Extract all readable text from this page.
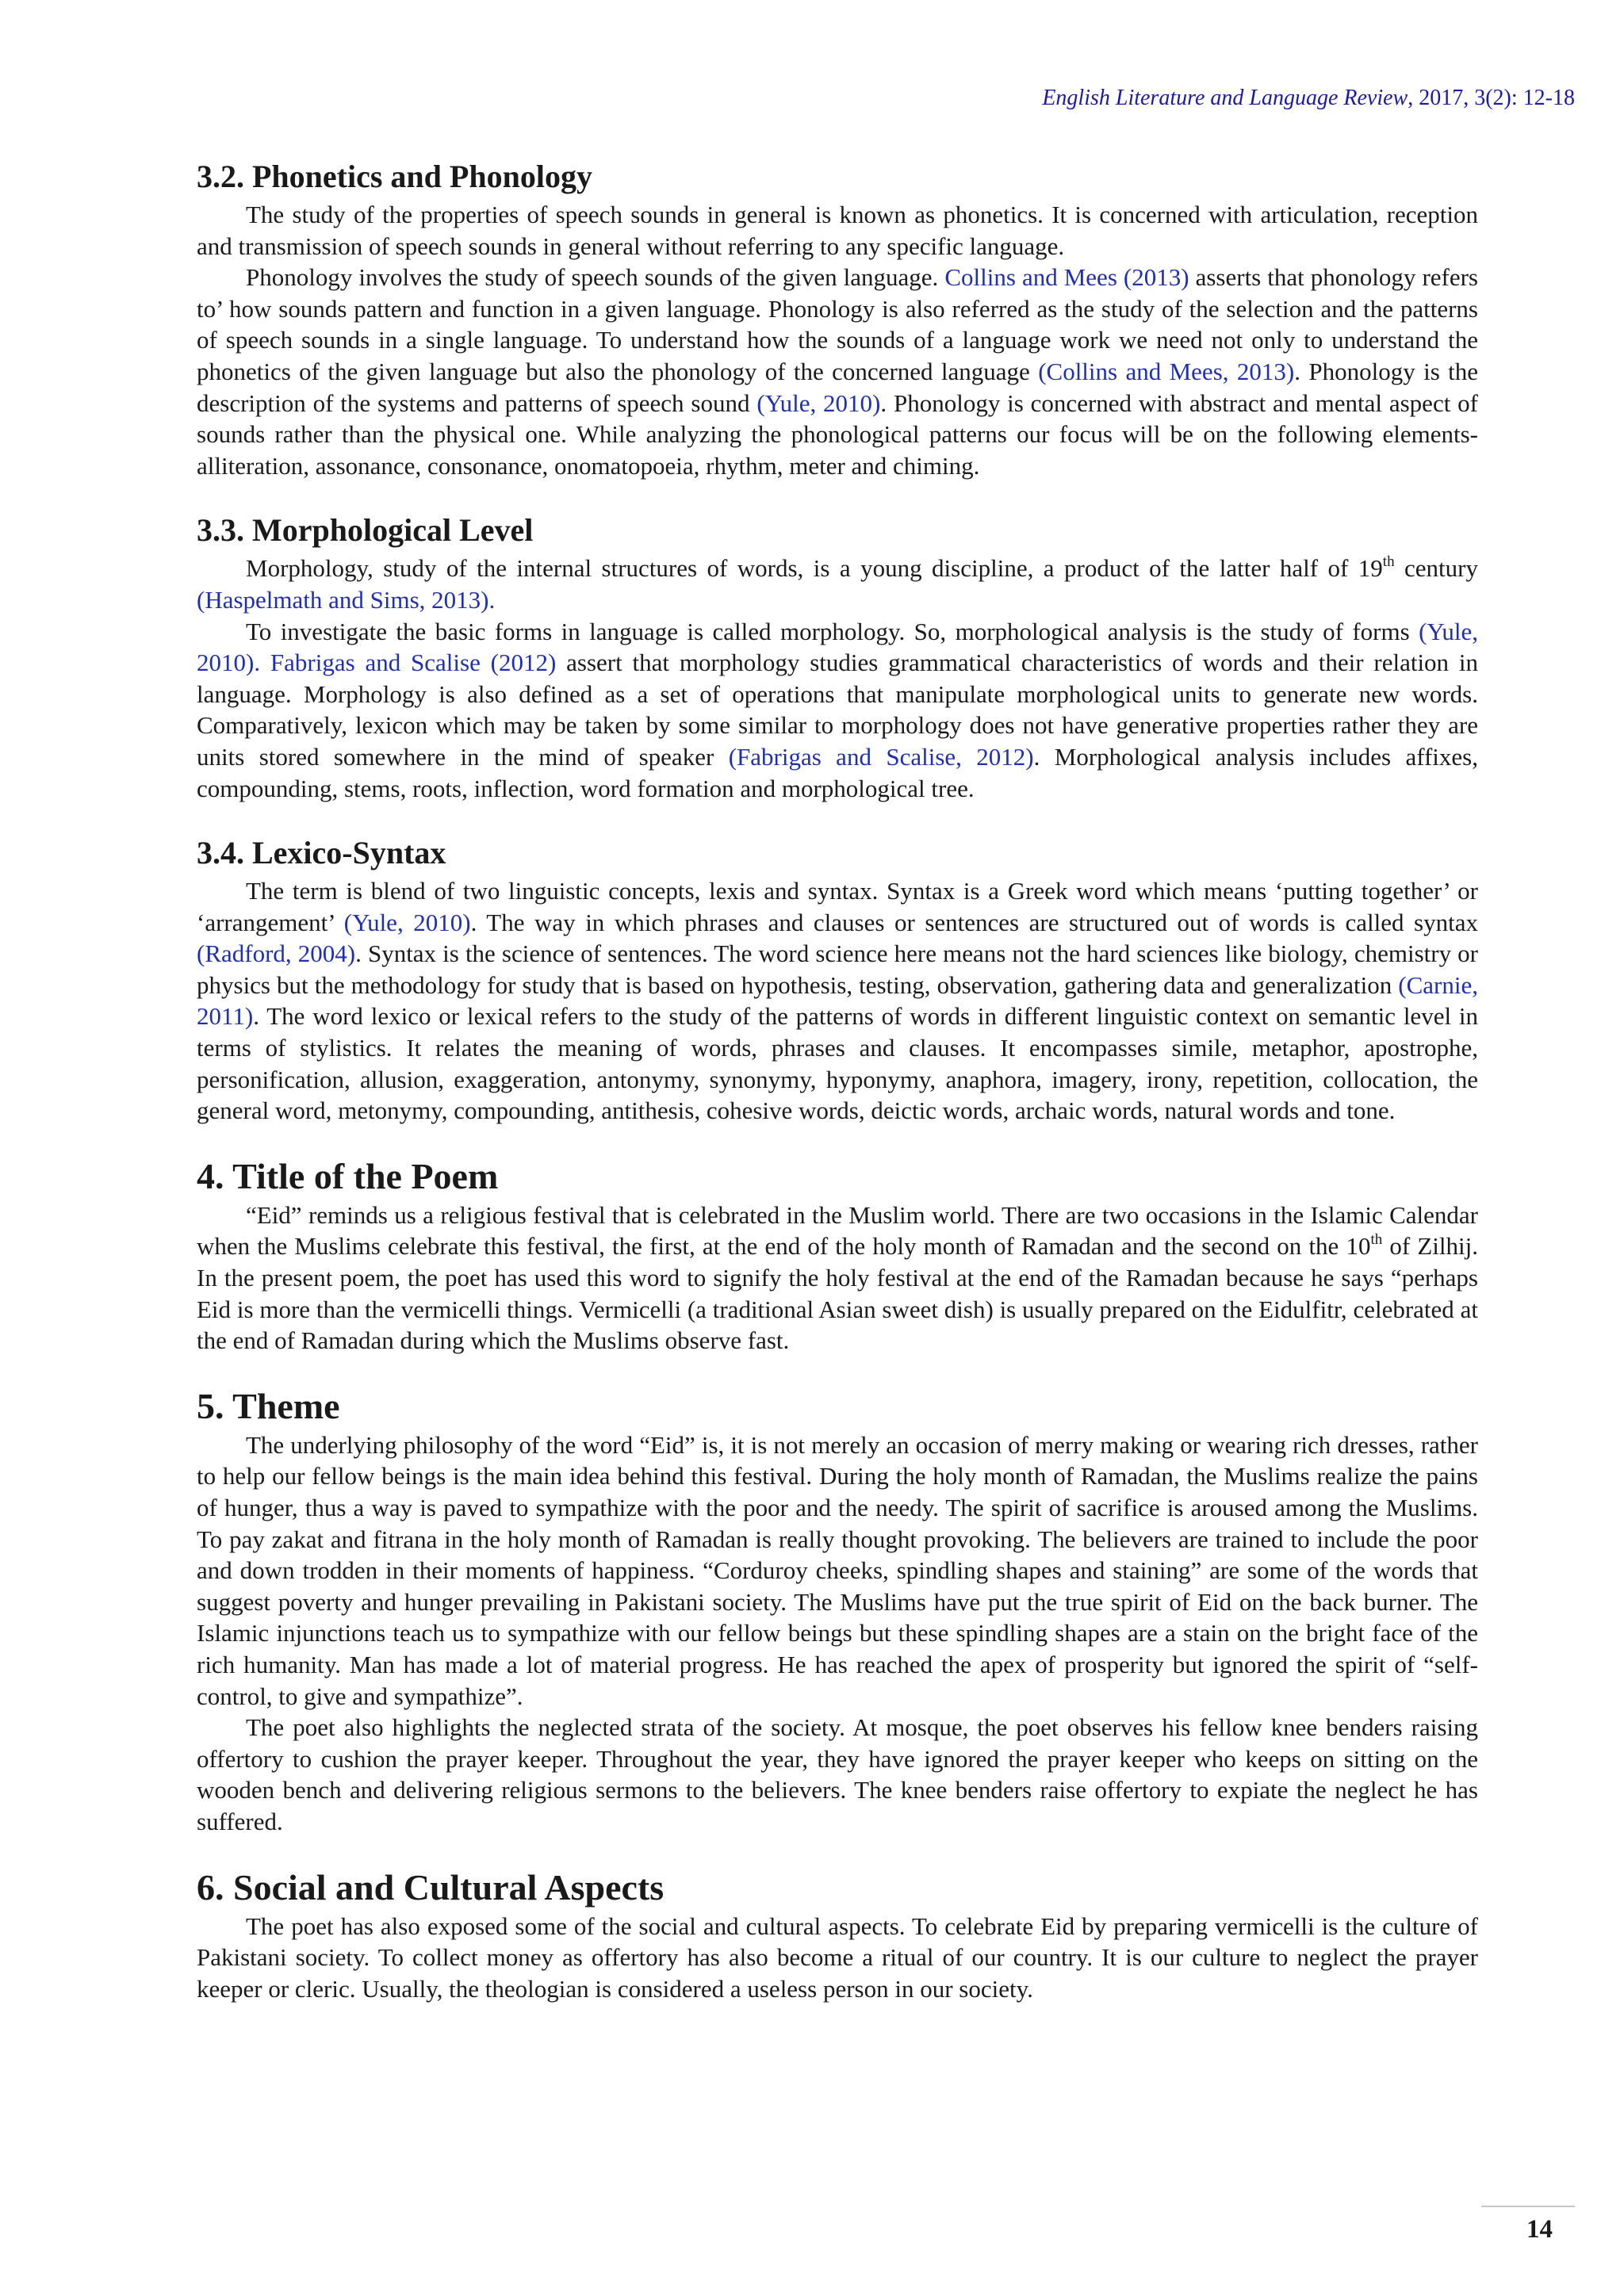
English Literature and Language Review, 2017, 3(2): 12-18
3.2. Phonetics and Phonology

The study of the properties of speech sounds in general is known as phonetics. It is concerned with articulation, reception and transmission of speech sounds in general without referring to any specific language.

Phonology involves the study of speech sounds of the given language. Collins and Mees (2013) asserts that phonology refers to’ how sounds pattern and function in a given language. Phonology is also referred as the study of the selection and the patterns of speech sounds in a single language. To understand how the sounds of a language work we need not only to understand the phonetics of the given language but also the phonology of the concerned language (Collins and Mees, 2013). Phonology is the description of the systems and patterns of speech sound (Yule, 2010). Phonology is concerned with abstract and mental aspect of sounds rather than the physical one. While analyzing the phonological patterns our focus will be on the following elements- alliteration, assonance, consonance, onomatopoeia, rhythm, meter and chiming.

3.3. Morphological Level

Morphology, study of the internal structures of words, is a young discipline, a product of the latter half of 19th century (Haspelmath and Sims, 2013).

To investigate the basic forms in language is called morphology. So, morphological analysis is the study of forms (Yule, 2010). Fabrigas and Scalise (2012) assert that morphology studies grammatical characteristics of words and their relation in language. Morphology is also defined as a set of operations that manipulate morphological units to generate new words. Comparatively, lexicon which may be taken by some similar to morphology does not have generative properties rather they are units stored somewhere in the mind of speaker (Fabrigas and Scalise, 2012). Morphological analysis includes affixes, compounding, stems, roots, inflection, word formation and morphological tree.

3.4. Lexico-Syntax

The term is blend of two linguistic concepts, lexis and syntax. Syntax is a Greek word which means ‘putting together’ or ‘arrangement’ (Yule, 2010). The way in which phrases and clauses or sentences are structured out of words is called syntax (Radford, 2004). Syntax is the science of sentences. The word science here means not the hard sciences like biology, chemistry or physics but the methodology for study that is based on hypothesis, testing, observation, gathering data and generalization (Carnie, 2011). The word lexico or lexical refers to the study of the patterns of words in different linguistic context on semantic level in terms of stylistics. It relates the meaning of words, phrases and clauses. It encompasses simile, metaphor, apostrophe, personification, allusion, exaggeration, antonymy, synonymy, hyponymy, anaphora, imagery, irony, repetition, collocation, the general word, metonymy, compounding, antithesis, cohesive words, deictic words, archaic words, natural words and tone.

4. Title of the Poem

“Eid” reminds us a religious festival that is celebrated in the Muslim world. There are two occasions in the Islamic Calendar when the Muslims celebrate this festival, the first, at the end of the holy month of Ramadan and the second on the 10th of Zilhij. In the present poem, the poet has used this word to signify the holy festival at the end of the Ramadan because he says “perhaps Eid is more than the vermicelli things. Vermicelli (a traditional Asian sweet dish) is usually prepared on the Eidulfitr, celebrated at the end of Ramadan during which the Muslims observe fast.

5. Theme

The underlying philosophy of the word “Eid” is, it is not merely an occasion of merry making or wearing rich dresses, rather to help our fellow beings is the main idea behind this festival. During the holy month of Ramadan, the Muslims realize the pains of hunger, thus a way is paved to sympathize with the poor and the needy. The spirit of sacrifice is aroused among the Muslims. To pay zakat and fitrana in the holy month of Ramadan is really thought provoking. The believers are trained to include the poor and down trodden in their moments of happiness. “Corduroy cheeks, spindling shapes and staining” are some of the words that suggest poverty and hunger prevailing in Pakistani society. The Muslims have put the true spirit of Eid on the back burner. The Islamic injunctions teach us to sympathize with our fellow beings but these spindling shapes are a stain on the bright face of the rich humanity. Man has made a lot of material progress. He has reached the apex of prosperity but ignored the spirit of “self-control, to give and sympathize”.

The poet also highlights the neglected strata of the society. At mosque, the poet observes his fellow knee benders raising offertory to cushion the prayer keeper. Throughout the year, they have ignored the prayer keeper who keeps on sitting on the wooden bench and delivering religious sermons to the believers. The knee benders raise offertory to expiate the neglect he has suffered.

6. Social and Cultural Aspects

The poet has also exposed some of the social and cultural aspects. To celebrate Eid by preparing vermicelli is the culture of Pakistani society. To collect money as offertory has also become a ritual of our country. It is our culture to neglect the prayer keeper or cleric. Usually, the theologian is considered a useless person in our society.

14
